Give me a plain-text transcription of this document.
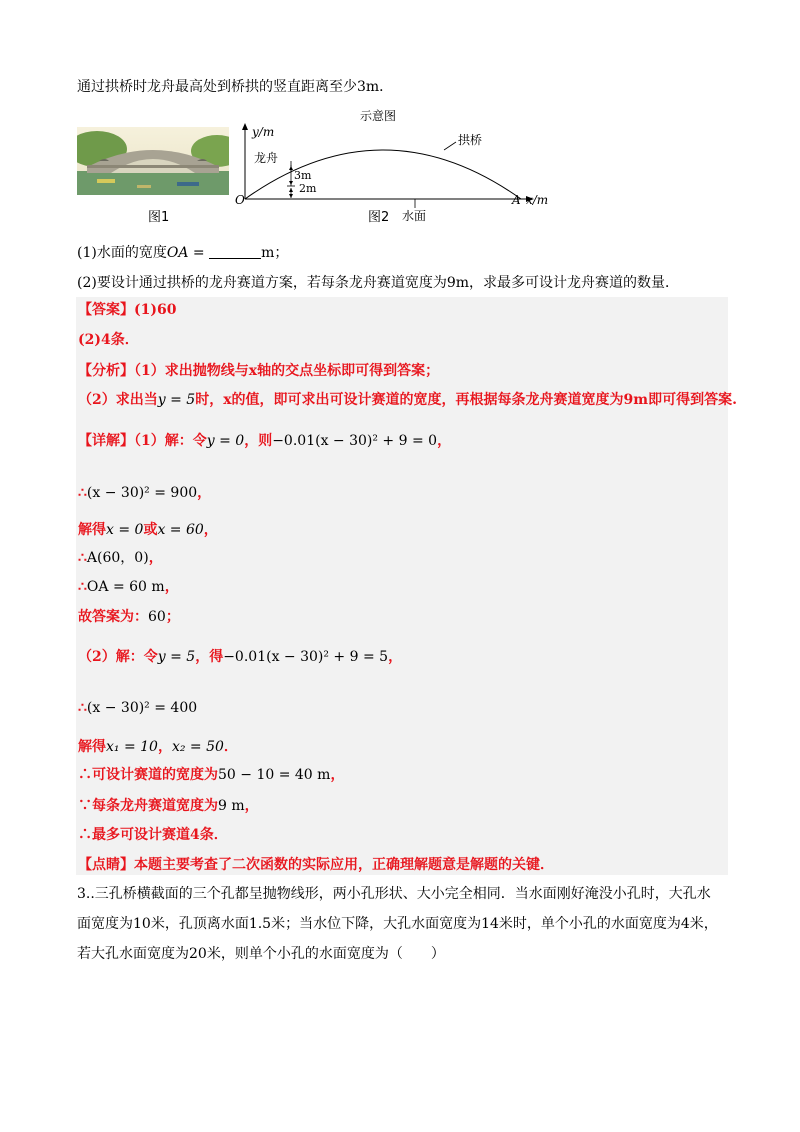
通过拱桥时龙舟最高处到桥拱的竖直距离至少3m．
图1
示意图
y/m
x/m
O	A
拱桥
龙舟
3m
2m
水面
图2
(1)水面的宽度OA =	m；
(2)要设计通过拱桥的龙舟赛道方案，若每条龙舟赛道宽度为9m，求最多可设计龙舟赛道的数量．
【答案】(1)60
(2)4条．
【分析】（1）求出抛物线与x轴的交点坐标即可得到答案；
（2）求出当y = 5时，x的值，即可求出可设计赛道的宽度，再根据每条龙舟赛道宽度为9m即可得到答案.
【详解】（1）解：令y = 0，则−0.01(x − 30)² + 9 = 0，
∴(x − 30)² = 900，
解得x = 0或x = 60，
∴A(60，0)，
∴OA = 60 m，
故答案为：60；
（2）解：令y = 5，得−0.01(x − 30)² + 9 = 5，
∴(x − 30)² = 400
解得x₁ = 10，x₂ = 50．
∴可设计赛道的宽度为50 − 10 = 40 m，
∵每条龙舟赛道宽度为9 m，
∴最多可设计赛道4条．
【点睛】本题主要考查了二次函数的实际应用，正确理解题意是解题的关键．
3..三孔桥横截面的三个孔都呈抛物线形，两小孔形状、大小完全相同．当水面刚好淹没小孔时，大孔水
面宽度为10米，孔顶离水面1.5米；当水位下降，大孔水面宽度为14米时，单个小孔的水面宽度为4米，
若大孔水面宽度为20米，则单个小孔的水面宽度为（　　）
